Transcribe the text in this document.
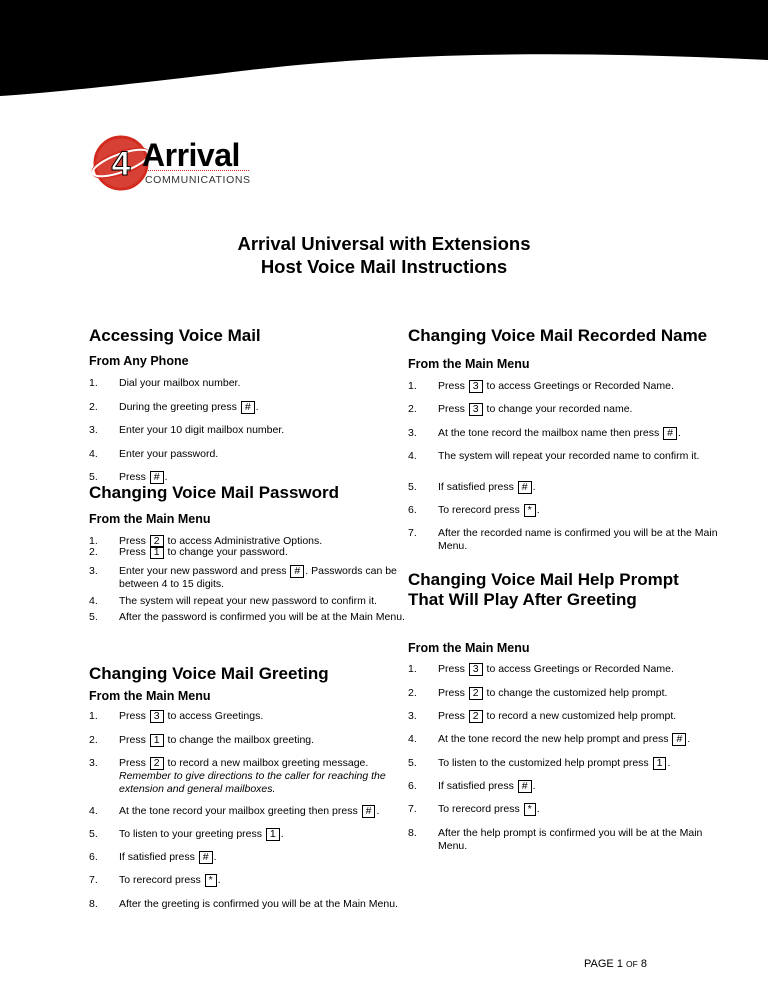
4 Arrival
COMMUNICATIONS
Arrival Universal with Extensions
Host Voice Mail Instructions
Accessing Voice Mail
From Any Phone
1. Dial your mailbox number.
2. During the greeting press # .
3. Enter your 10 digit mailbox number.
4. Enter your password.
5. Press # .
Changing Voice Mail Password
From the Main Menu
1. Press 2 to access Administrative Options.
2. Press 1 to change your password.
3. Enter your new password and press # . Passwords can be between 4 to 15 digits.
4. The system will repeat your new password to confirm it.
5. After the password is confirmed you will be at the Main Menu.
Changing Voice Mail Greeting
From the Main Menu
1. Press 3 to access Greetings.
2. Press 1 to change the mailbox greeting.
3. Press 2 to record a new mailbox greeting message. Remember to give directions to the caller for reaching the extension and general mailboxes.
4. At the tone record your mailbox greeting then press # .
5. To listen to your greeting press 1 .
6. If satisfied press # .
7. To rerecord press * .
8. After the greeting is confirmed you will be at the Main Menu.
Changing Voice Mail Recorded Name
From the Main Menu
1. Press 3 to access Greetings or Recorded Name.
2. Press 3 to change your recorded name.
3. At the tone record the mailbox name then press # .
4. The system will repeat your recorded name to confirm it.
5. If satisfied press # .
6. To rerecord press * .
7. After the recorded name is confirmed you will be at the Main Menu.
Changing Voice Mail Help Prompt
That Will Play After Greeting
From the Main Menu
1. Press 3 to access Greetings or Recorded Name.
2. Press 2 to change the customized help prompt.
3. Press 2 to record a new customized help prompt.
4. At the tone record the new help prompt and press # .
5. To listen to the customized help prompt press 1 .
6. If satisfied press # .
7. To rerecord press * .
8. After the help prompt is confirmed you will be at the Main Menu.
PAGE 1 OF 8
